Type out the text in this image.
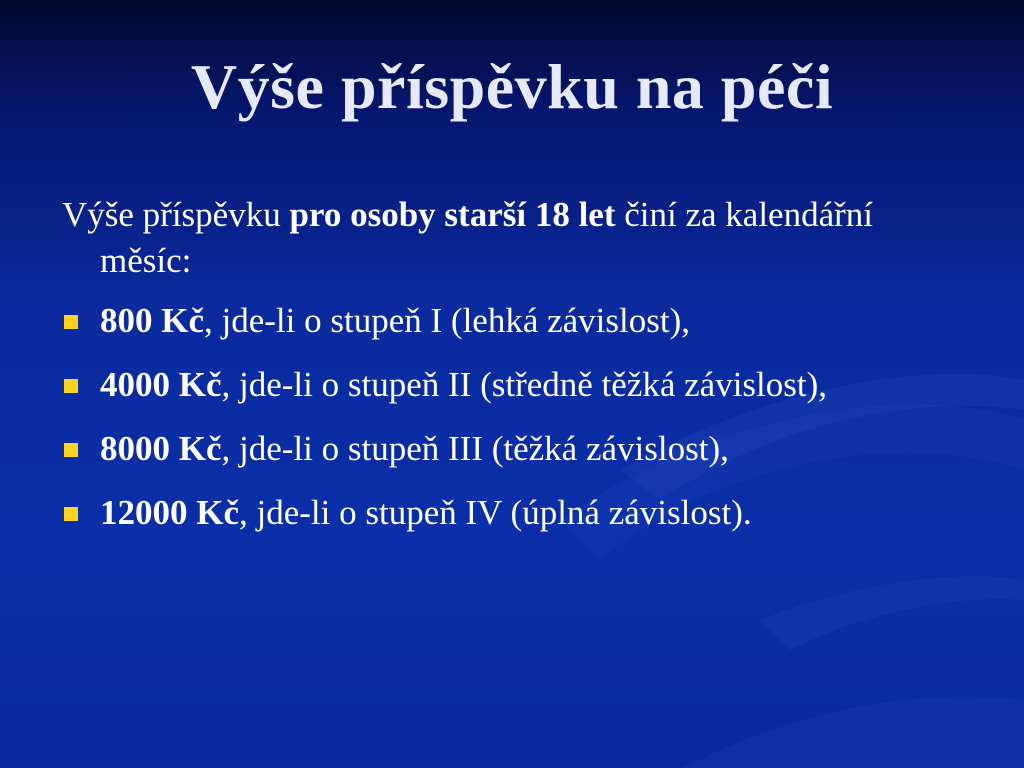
Výše příspěvku na péči

Výše příspěvku pro osoby starší 18 let činí za kalendářní měsíc:

800 Kč, jde-li o stupeň I (lehká závislost),
4000 Kč, jde-li o stupeň II (středně těžká závislost),
8000 Kč, jde-li o stupeň III (těžká závislost),
12000 Kč, jde-li o stupeň IV (úplná závislost).
